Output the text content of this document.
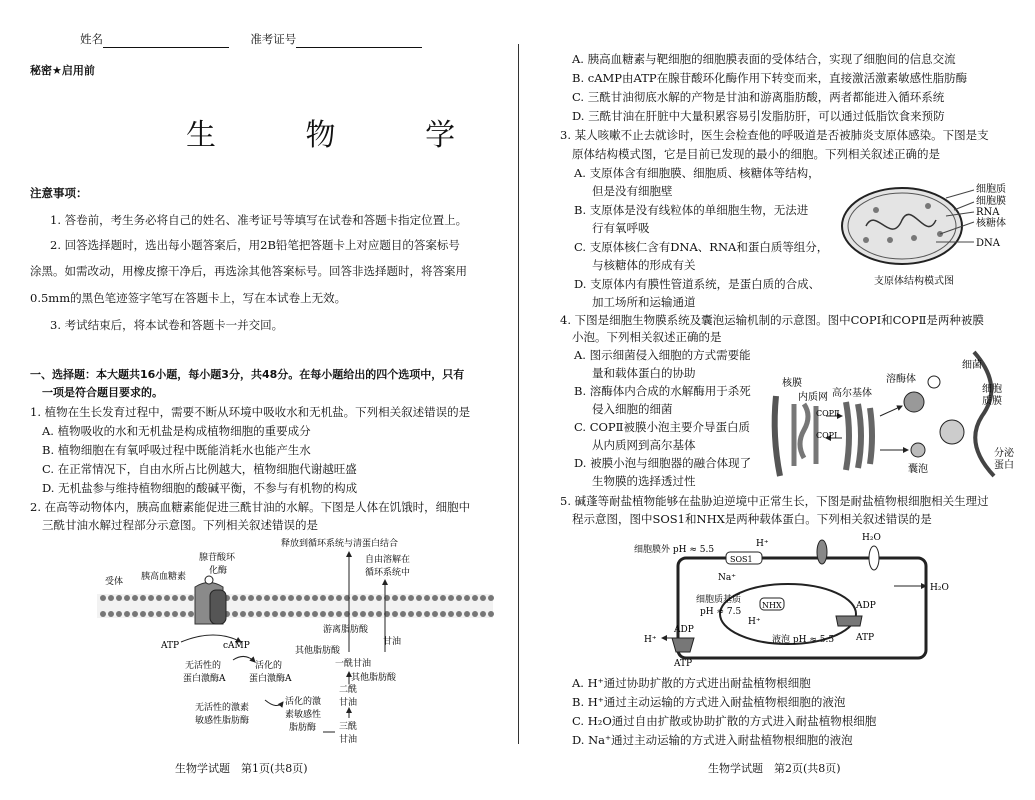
姓名	准考证号
秘密★启用前
生 物 学
注意事项：
1. 答卷前，考生务必将自己的姓名、准考证号等填写在试卷和答题卡指定位置上。
2. 回答选择题时，选出每小题答案后，用2B铅笔把答题卡上对应题目的答案标号
涂黑。如需改动，用橡皮擦干净后，再选涂其他答案标号。回答非选择题时，将答案用
0.5mm的黑色笔迹签字笔写在答题卡上，写在本试卷上无效。
3. 考试结束后，将本试卷和答题卡一并交回。
一、选择题：本大题共16小题，每小题3分，共48分。在每小题给出的四个选项中，只有
一项是符合题目要求的。
1. 植物在生长发育过程中，需要不断从环境中吸收水和无机盐。下列相关叙述错误的是
A. 植物吸收的水和无机盐是构成植物细胞的重要成分
B. 植物细胞在有氧呼吸过程中既能消耗水也能产生水
C. 在正常情况下，自由水所占比例越大，植物细胞代谢越旺盛
D. 无机盐参与维持植物细胞的酸碱平衡，不参与有机物的构成
2. 在高等动物体内，胰高血糖素能促进三酰甘油的水解。下图是人体在饥饿时，细胞中
三酰甘油水解过程部分示意图。下列相关叙述错误的是
受体 胰高血糖素
腺苷酸环
化酶
释放到循环系统与清蛋白结合
自由溶解在
循环系统中
ATP	cAMP
无活性的
蛋白激酶A
活化的
蛋白激酶A
无活性的激素
敏感性脂肪酶
活化的激
素敏感性
脂肪酶
游离脂肪酸
甘油
其他脂肪酸
一酰甘油
其他脂肪酸
二酰
甘油
三酰
甘油
生物学试题　第1页(共8页)
A. 胰高血糖素与靶细胞的细胞膜表面的受体结合，实现了细胞间的信息交流
B. cAMP由ATP在腺苷酸环化酶作用下转变而来，直接激活激素敏感性脂肪酶
C. 三酰甘油彻底水解的产物是甘油和游离脂肪酸，两者都能进入循环系统
D. 三酰甘油在肝脏中大量积累容易引发脂肪肝，可以通过低脂饮食来预防
3. 某人咳嗽不止去就诊时，医生会检查他的呼吸道是否被肺炎支原体感染。下图是支
原体结构模式图，它是目前已发现的最小的细胞。下列相关叙述正确的是
A. 支原体含有细胞膜、细胞质、核糖体等结构，
但是没有细胞壁
B. 支原体是没有线粒体的单细胞生物，无法进
行有氧呼吸
C. 支原体核仁含有DNA、RNA和蛋白质等组分，
与核糖体的形成有关
D. 支原体内有膜性管道系统，是蛋白质的合成、
加工场所和运输通道
细胞质
细胞膜
RNA
核糖体
DNA
支原体结构模式图
4. 下图是细胞生物膜系统及囊泡运输机制的示意图。图中COPⅠ和COPⅡ是两种被膜
小泡。下列相关叙述正确的是
A. 图示细菌侵入细胞的方式需要能
量和载体蛋白的协助
B. 溶酶体内合成的水解酶用于杀死
侵入细胞的细菌
C. COPⅡ被膜小泡主要介导蛋白质
从内质网到高尔基体
D. 被膜小泡与细胞器的融合体现了
生物膜的选择透过性
核膜
内质网 高尔基体
溶酶体
细菌
COPⅡ
COPⅠ
囊泡
细胞
质膜
分泌
蛋白
5. 碱蓬等耐盐植物能够在盐胁迫逆境中正常生长，下图是耐盐植物根细胞相关生理过
程示意图，图中SOS1和NHX是两种载体蛋白。下列相关叙述错误的是
细胞膜外 pH ≈ 5.5
细胞质基质
pH ≈ 7.5
液泡 pH ≈ 5.5
SOS1
NHX
H⁺
Na⁺
H₂O
H₂O
ADP
ATP
ADP
ATP
H⁺
H⁺
A. H⁺通过协助扩散的方式进出耐盐植物根细胞
B. H⁺通过主动运输的方式进入耐盐植物根细胞的液泡
C. H₂O通过自由扩散或协助扩散的方式进入耐盐植物根细胞
D. Na⁺通过主动运输的方式进入耐盐植物根细胞的液泡
生物学试题　第2页(共8页)
